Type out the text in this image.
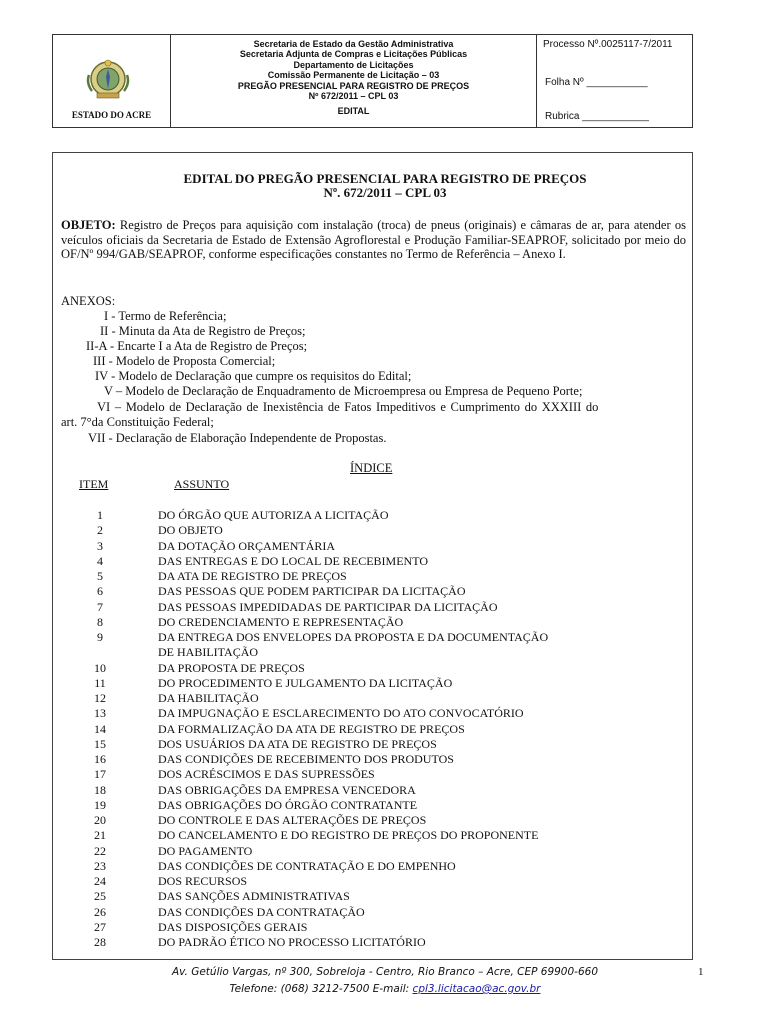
ESTADO DO ACRE
Secretaria de Estado da Gestão Administrativa
Secretaria Adjunta de Compras e Licitações Públicas
Departamento de Licitações
Comissão Permanente de Licitação – 03
PREGÃO PRESENCIAL PARA REGISTRO DE PREÇOS
Nº 672/2011 – CPL 03
EDITAL
Processo Nº.0025117-7/2011
Folha Nº ___________
Rubrica ____________
EDITAL DO PREGÃO PRESENCIAL PARA REGISTRO DE PREÇOS
Nº. 672/2011 – CPL 03
OBJETO: Registro de Preços para aquisição com instalação (troca) de pneus (originais) e câmaras de ar, para atender os veículos oficiais da Secretaria de Estado de Extensão Agroflorestal e Produção Familiar-SEAPROF, solicitado por meio do OF/Nº 994/GAB/SEAPROF, conforme especificações constantes no Termo de Referência – Anexo I.
ANEXOS:
I - Termo de Referência;
II - Minuta da Ata de Registro de Preços;
II-A - Encarte I a Ata de Registro de Preços;
III - Modelo de Proposta Comercial;
IV - Modelo de Declaração que cumpre os requisitos do Edital;
V – Modelo de Declaração de Enquadramento de Microempresa ou Empresa de Pequeno Porte;
VI – Modelo de Declaração de Inexistência de Fatos Impeditivos e Cumprimento do XXXIII do
art. 7°da Constituição Federal;
VII - Declaração de Elaboração Independente de Propostas.
ÍNDICE
ITEM	ASSUNTO
1	DO ÓRGÃO QUE AUTORIZA A LICITAÇÃO
2	DO OBJETO
3	DA DOTAÇÃO ORÇAMENTÁRIA
4	DAS ENTREGAS E DO LOCAL DE RECEBIMENTO
5	DA ATA DE REGISTRO DE PREÇOS
6	DAS PESSOAS QUE PODEM PARTICIPAR DA LICITAÇÃO
7	DAS PESSOAS IMPEDIDADAS DE PARTICIPAR DA LICITAÇÃO
8	DO CREDENCIAMENTO E REPRESENTAÇÃO
9	DA ENTREGA DOS ENVELOPES DA PROPOSTA E DA DOCUMENTAÇÃO
DE HABILITAÇÃO
10	DA PROPOSTA DE PREÇOS
11	DO PROCEDIMENTO E JULGAMENTO DA LICITAÇÃO
12	DA HABILITAÇÃO
13	DA IMPUGNAÇÃO E ESCLARECIMENTO DO ATO CONVOCATÓRIO
14	DA FORMALIZAÇÃO DA ATA DE REGISTRO DE PREÇOS
15	DOS USUÁRIOS DA ATA DE REGISTRO DE PREÇOS
16	DAS CONDIÇÕES DE RECEBIMENTO DOS PRODUTOS
17	DOS ACRÉSCIMOS E DAS SUPRESSÕES
18	DAS OBRIGAÇÕES DA EMPRESA VENCEDORA
19	DAS OBRIGAÇÕES DO ÓRGÃO CONTRATANTE
20	DO CONTROLE E DAS ALTERAÇÕES DE PREÇOS
21	DO CANCELAMENTO E DO REGISTRO DE PREÇOS DO PROPONENTE
22	DO PAGAMENTO
23	DAS CONDIÇÕES DE CONTRATAÇÃO E DO EMPENHO
24	DOS RECURSOS
25	DAS SANÇÕES ADMINISTRATIVAS
26	DAS CONDIÇÕES DA CONTRATAÇÃO
27	DAS DISPOSIÇÕES GERAIS
28	DO PADRÃO ÉTICO NO PROCESSO LICITATÓRIO
Av. Getúlio Vargas, nº 300, Sobreloja - Centro, Rio Branco – Acre, CEP 69900-660
Telefone: (068) 3212-7500 E-mail: cpl3.licitacao@ac.gov.br
1
